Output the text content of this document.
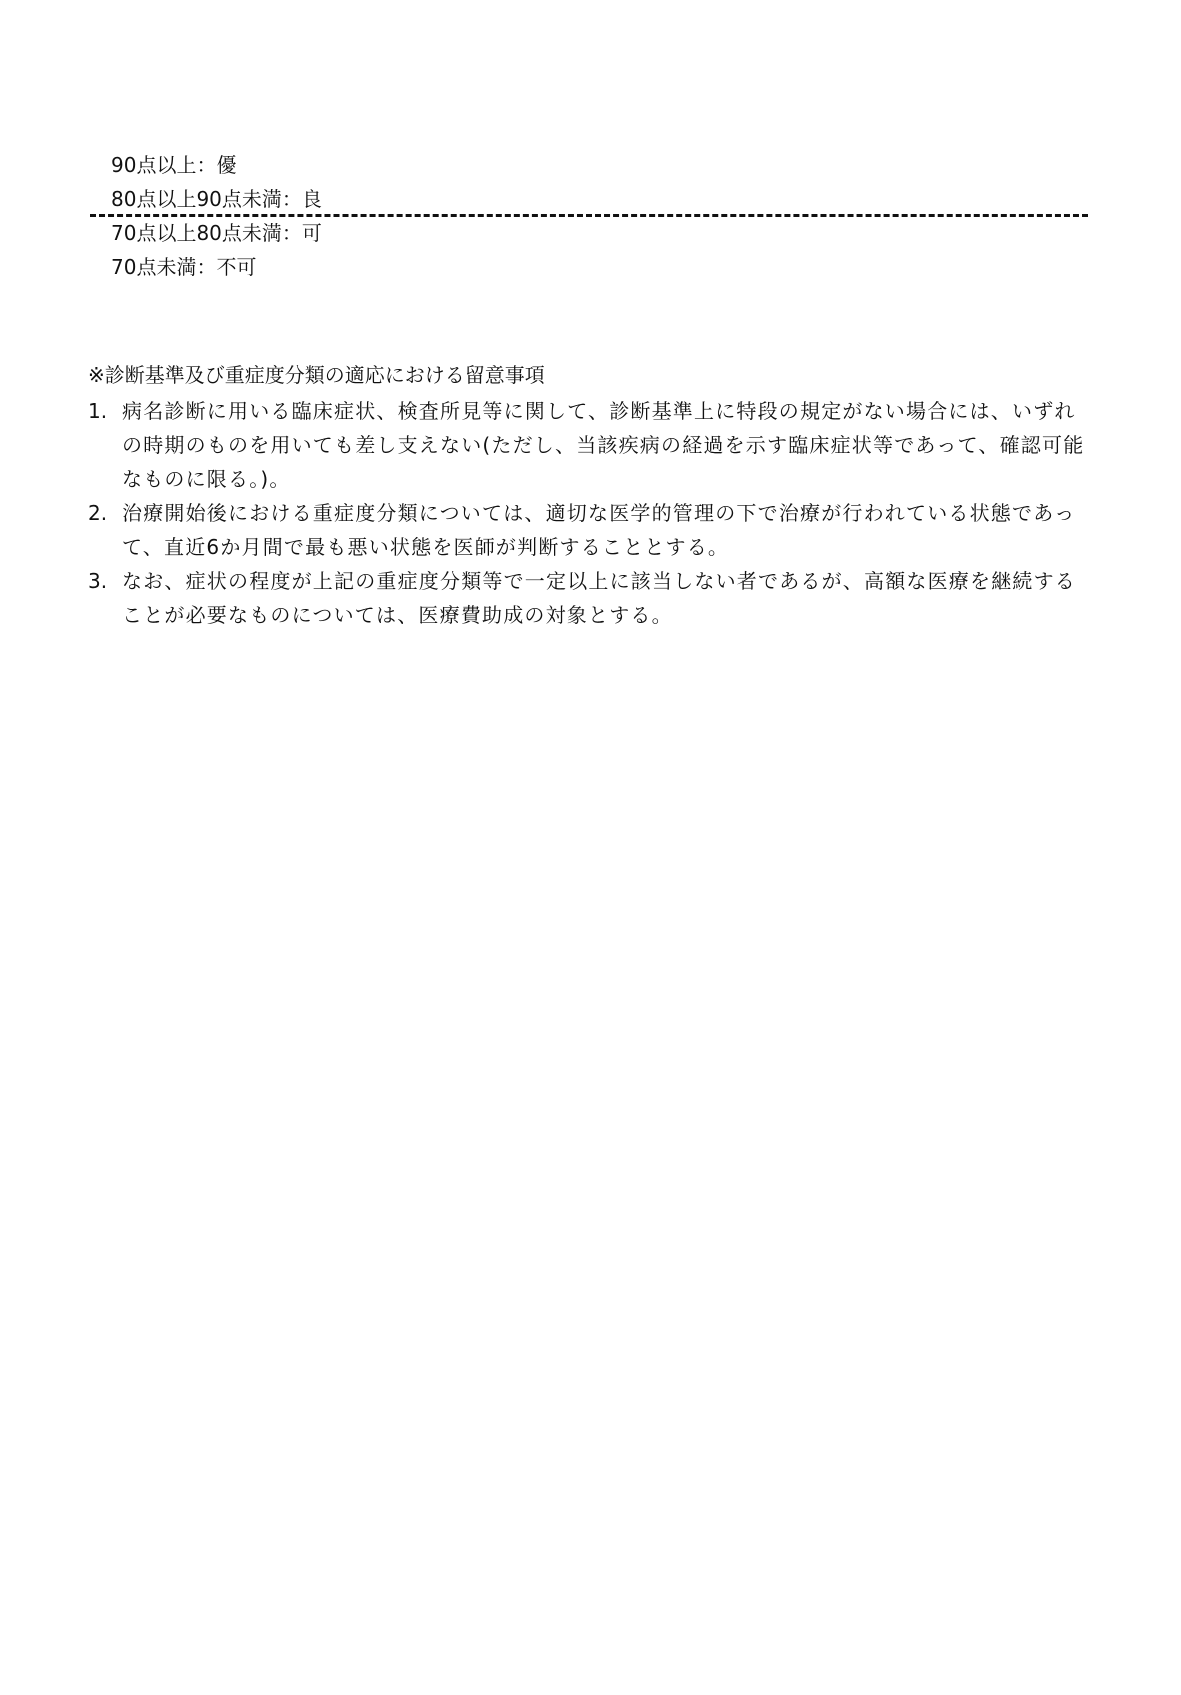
90点以上：優
80点以上90点未満：良
70点以上80点未満：可
70点未満：不可
※診断基準及び重症度分類の適応における留意事項
1. 病名診断に用いる臨床症状、検査所見等に関して、診断基準上に特段の規定がない場合には、いずれの時期のものを用いても差し支えない(ただし、当該疾病の経過を示す臨床症状等であって、確認可能なものに限る。)。
2. 治療開始後における重症度分類については、適切な医学的管理の下で治療が行われている状態であって、直近6か月間で最も悪い状態を医師が判断することとする。
3. なお、症状の程度が上記の重症度分類等で一定以上に該当しない者であるが、高額な医療を継続することが必要なものについては、医療費助成の対象とする。
